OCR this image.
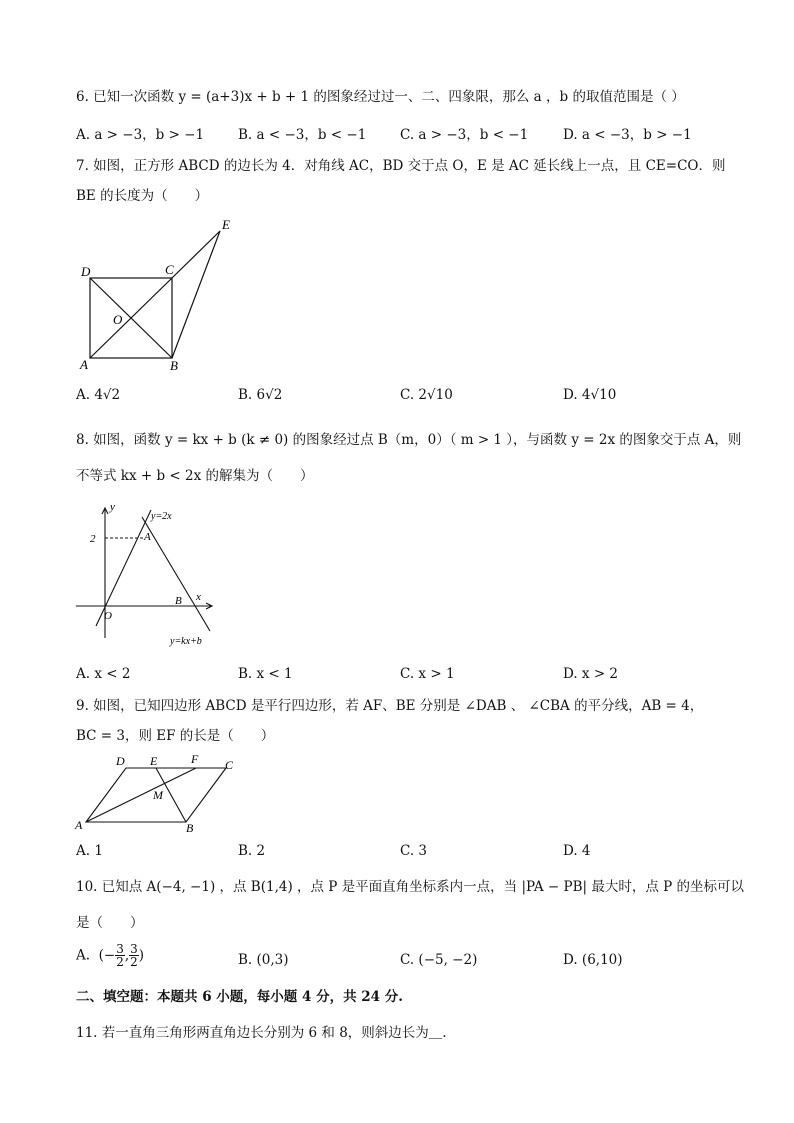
6. 已知一次函数 y = (a+3)x + b + 1 的图象经过过一、二、四象限，那么 a ，b 的取值范围是（ ）
A. a > −3，b > −1	B. a < −3，b < −1 C. a > −3，b < −1	D. a < −3，b > −1
7. 如图，正方形 ABCD 的边长为 4．对角线 AC，BD 交于点 O，E 是 AC 延长线上一点，且 CE=CO．则
BE 的长度为（　　）
D	C
O
A	B
E
A. 4√2	B. 6√2	C. 2√10	D. 4√10
8. 如图，函数 y = kx + b (k ≠ 0) 的图象经过点 B（m，0）（ m > 1 ），与函数 y = 2x 的图象交于点 A，则
不等式 kx + b < 2x 的解集为（　　）
y
x
2
O
A
B
y=2x
y=kx+b
A. x < 2	B. x < 1	C. x > 1	D. x > 2
9. 如图，已知四边形 ABCD 是平行四边形，若 AF、BE 分别是 ∠DAB 、 ∠CBA 的平分线，AB = 4，
BC = 3，则 EF 的长是（　　）
D E	F C
M
A	B
A. 1	B. 2	C. 3	D. 4
10. 已知点 A(−4, −1) ，点 B(1,4) ，点 P 是平面直角坐标系内一点，当 |PA − PB| 最大时，点 P 的坐标可以
是（　　）
A.  (− $\frac{3}{2}$ , $\frac{3}{2}$ )	B. (0,3)	C. (−5, −2)	D. (6,10)
二、填空题：本题共 6 小题，每小题 4 分，共 24 分.
11. 若一直角三角形两直角边长分别为 6 和 8，则斜边长为＿.
